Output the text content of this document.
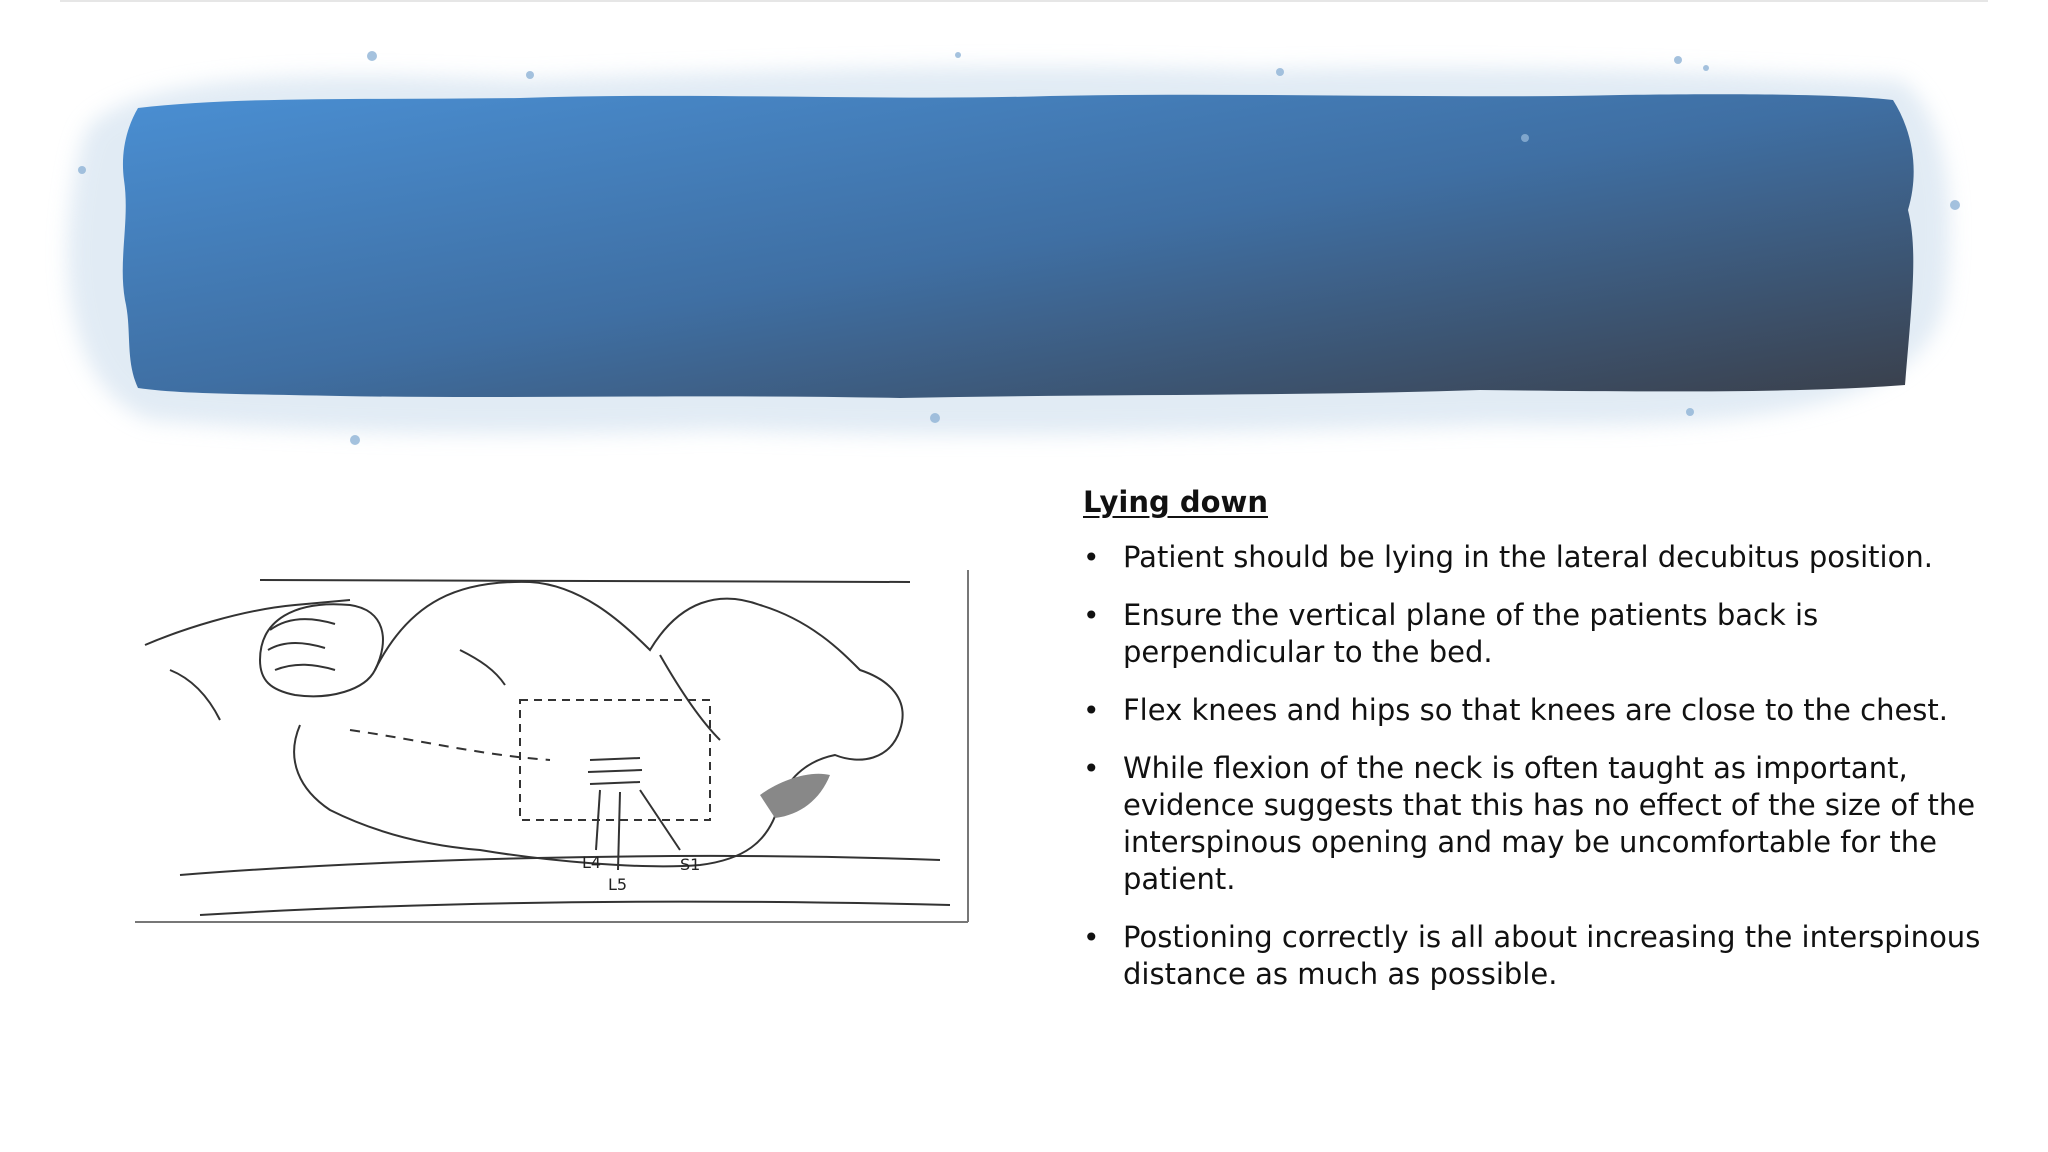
L4
L5
S1
Lying down
• Patient should be lying in the lateral decubitus position.
• Ensure the vertical plane of the patients back is perpendicular to the bed.
• Flex knees and hips so that knees are close to the chest.
• While flexion of the neck is often taught as important, evidence suggests that this has no effect of the size of the interspinous opening and may be uncomfortable for the patient.
• Postioning correctly is all about increasing the interspinous distance as much as possible.
